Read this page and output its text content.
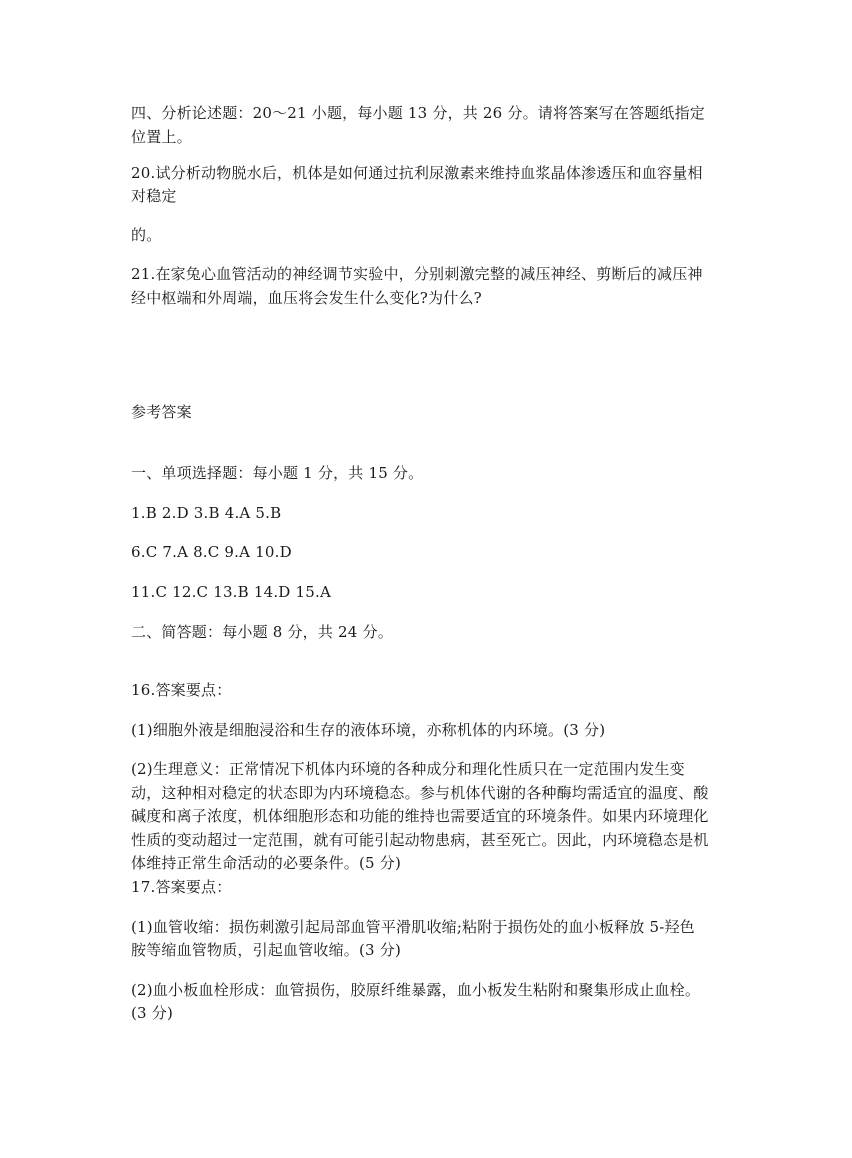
四、分析论述题：20～21 小题，每小题 13 分，共 26 分。请将答案写在答题纸指定
位置上。
20.试分析动物脱水后，机体是如何通过抗利尿激素来维持血浆晶体渗透压和血容量相
对稳定
的。
21.在家兔心血管活动的神经调节实验中，分别刺激完整的减压神经、剪断后的减压神
经中枢端和外周端，血压将会发生什么变化?为什么?
参考答案
一、单项选择题：每小题 1 分，共 15 分。
1.B 2.D 3.B 4.A 5.B
6.C 7.A 8.C 9.A 10.D
11.C 12.C 13.B 14.D 15.A
二、简答题：每小题 8 分，共 24 分。
16.答案要点：
(1)细胞外液是细胞浸浴和生存的液体环境，亦称机体的内环境。(3 分)
(2)生理意义：正常情况下机体内环境的各种成分和理化性质只在一定范围内发生变
动，这种相对稳定的状态即为内环境稳态。参与机体代谢的各种酶均需适宜的温度、酸
碱度和离子浓度，机体细胞形态和功能的维持也需要适宜的环境条件。如果内环境理化
性质的变动超过一定范围，就有可能引起动物患病，甚至死亡。因此，内环境稳态是机
体维持正常生命活动的必要条件。(5 分)
17.答案要点：
(1)血管收缩：损伤刺激引起局部血管平滑肌收缩;粘附于损伤处的血小板释放 5-羟色
胺等缩血管物质，引起血管收缩。(3 分)
(2)血小板血栓形成：血管损伤，胶原纤维暴露，血小板发生粘附和聚集形成止血栓。
(3 分)
